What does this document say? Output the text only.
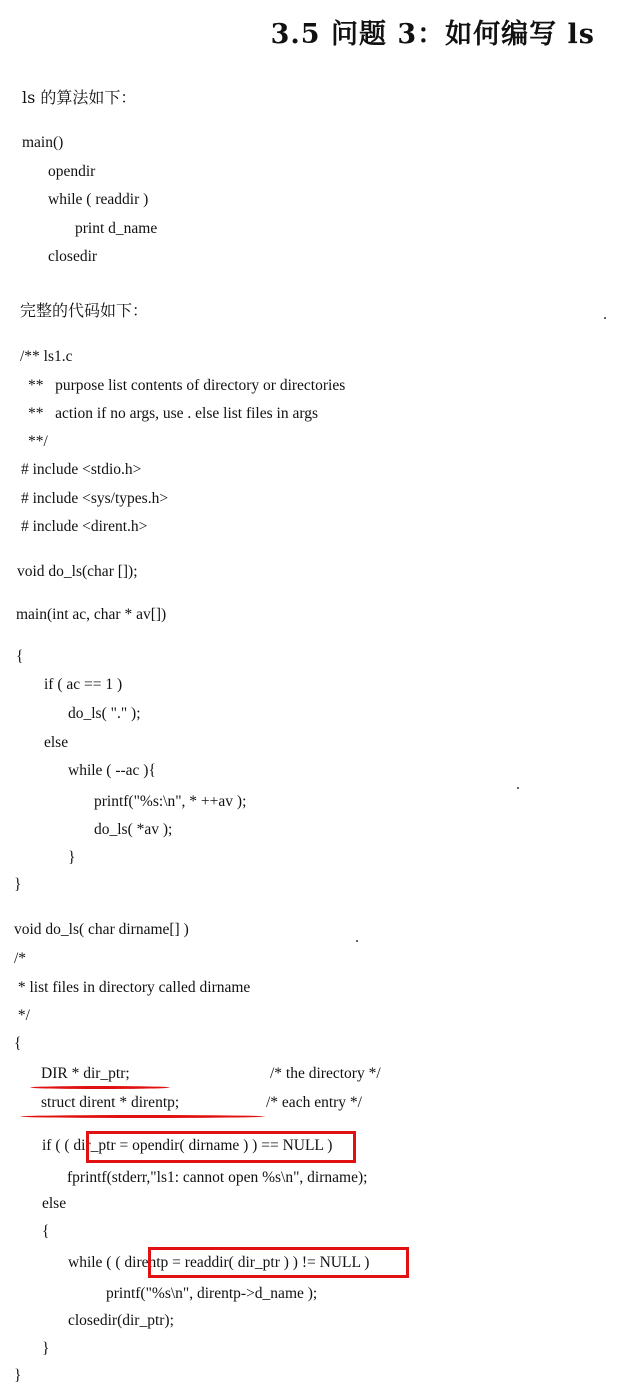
3.5 问题 3：如何编写 ls
ls 的算法如下：
main()
opendir
while ( readdir )
print d_name
closedir
完整的代码如下：
/** ls1.c
**   purpose list contents of directory or directories
**   action if no args, use . else list files in args
**/
# include <stdio.h>
# include <sys/types.h>
# include <dirent.h>
void do_ls(char []);
main(int ac, char * av[])
{
if ( ac == 1 )
do_ls( "." );
else
while ( --ac ){
printf("%s:\n", * ++av );
do_ls( *av );
}
}
void do_ls( char dirname[] )
/*
* list files in directory called dirname
*/
{
DIR * dir_ptr;	/* the directory */
struct dirent * direntp;	/* each entry */
if ( ( dir_ptr = opendir( dirname ) ) == NULL )
fprintf(stderr,"ls1: cannot open %s\n", dirname);
else
{
while ( ( direntp = readdir( dir_ptr ) ) != NULL )
printf("%s\n", direntp->d_name );
closedir(dir_ptr);
}
}
